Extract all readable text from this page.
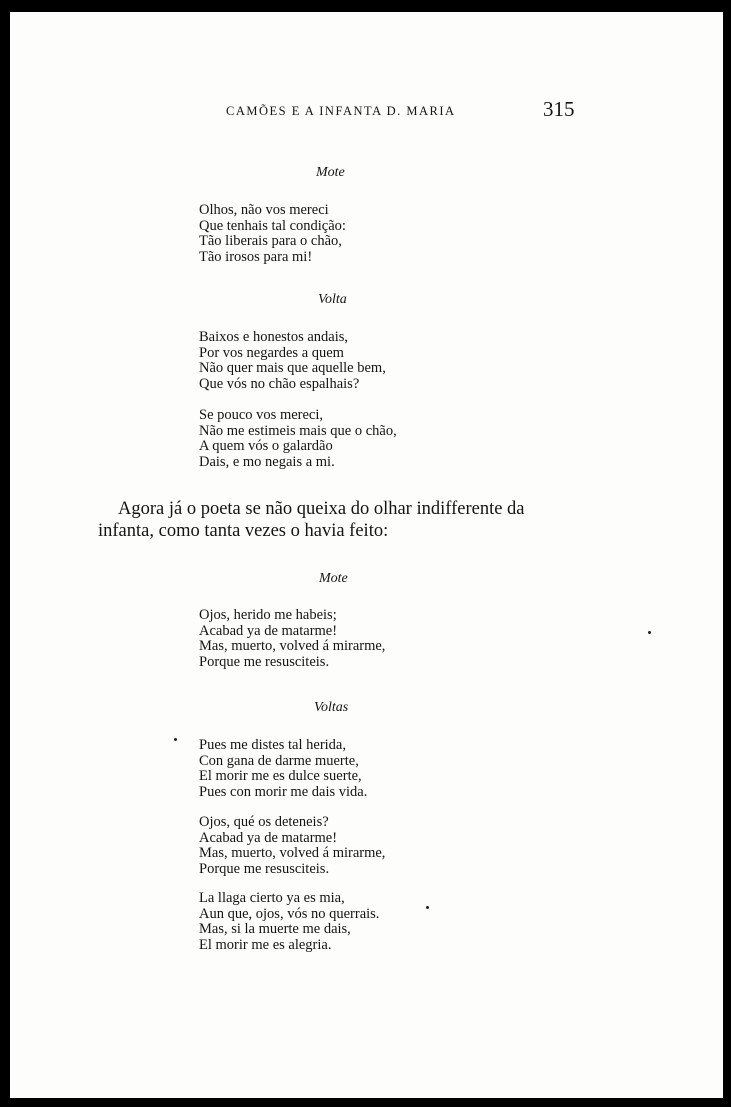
CAMÕES E A INFANTA D. MARIA	315
Mote
Olhos, não vos mereci
Que tenhais tal condição:
Tão liberais para o chão,
Tão irosos para mi!
Volta
Baixos e honestos andais,
Por vos negardes a quem
Não quer mais que aquelle bem,
Que vós no chão espalhais?
Se pouco vos mereci,
Não me estimeis mais que o chão,
A quem vós o galardão
Dais, e mo negais a mi.
Agora já o poeta se não queixa do olhar indifferente da
infanta, como tanta vezes o havia feito:
Mote
Ojos, herido me habeis;
Acabad ya de matarme!
Mas, muerto, volved á mirarme,
Porque me resusciteis.
Voltas
Pues me distes tal herida,
Con gana de darme muerte,
El morir me es dulce suerte,
Pues con morir me dais vida.
Ojos, qué os deteneis?
Acabad ya de matarme!
Mas, muerto, volved á mirarme,
Porque me resusciteis.
La llaga cierto ya es mia,
Aun que, ojos, vós no querrais.
Mas, si la muerte me dais,
El morir me es alegria.
